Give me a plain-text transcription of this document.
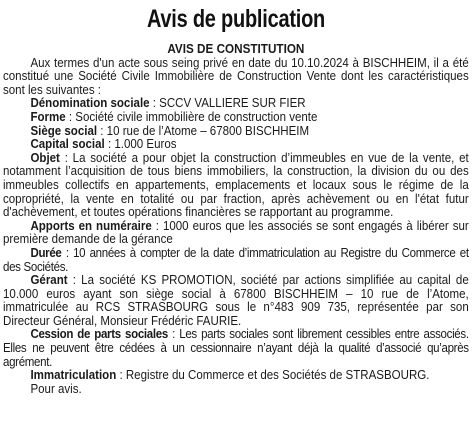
Avis de publication
AVIS DE CONSTITUTION

Aux termes d'un acte sous seing privé en date du 10.10.2024 à BISCHHEIM, il a été constitué une Société Civile Immobilière de Construction Vente dont les caractéristiques sont les suivantes :

Dénomination sociale : SCCV VALLIERE SUR FIER

Forme : Société civile immobilière de construction vente

Siège social : 10 rue de l’Atome – 67800 BISCHHEIM

Capital social : 1.000 Euros

Objet : La société a pour objet la construction d’immeubles en vue de la vente, et notamment l’acquisition de tous biens immobiliers, la construction, la division du ou des immeubles collectifs en appartements, emplacements et locaux sous le régime de la copropriété, la vente en totalité ou par fraction, après achèvement ou en l'état futur d'achèvement, et toutes opérations financières se rapportant au programme.

Apports en numéraire : 1000 euros que les associés se sont engagés à libérer sur première demande de la gérance

Durée : 10 années à compter de la date d’immatriculation au Registre du Commerce et des Sociétés.

Gérant : La société KS PROMOTION, société par actions simplifiée au capital de 10.000 euros ayant son siège social à 67800 BISCHHEIM – 10 rue de l’Atome, immatriculée au RCS STRASBOURG sous le n°483 909 735, représentée par son Directeur Général, Monsieur Frédéric FAURIE.

Cession de parts sociales : Les parts sociales sont librement cessibles entre associés. Elles ne peuvent être cédées à un cessionnaire n’ayant déjà la qualité d’associé qu’après agrément.

Immatriculation : Registre du Commerce et des Sociétés de STRASBOURG.

Pour avis.
